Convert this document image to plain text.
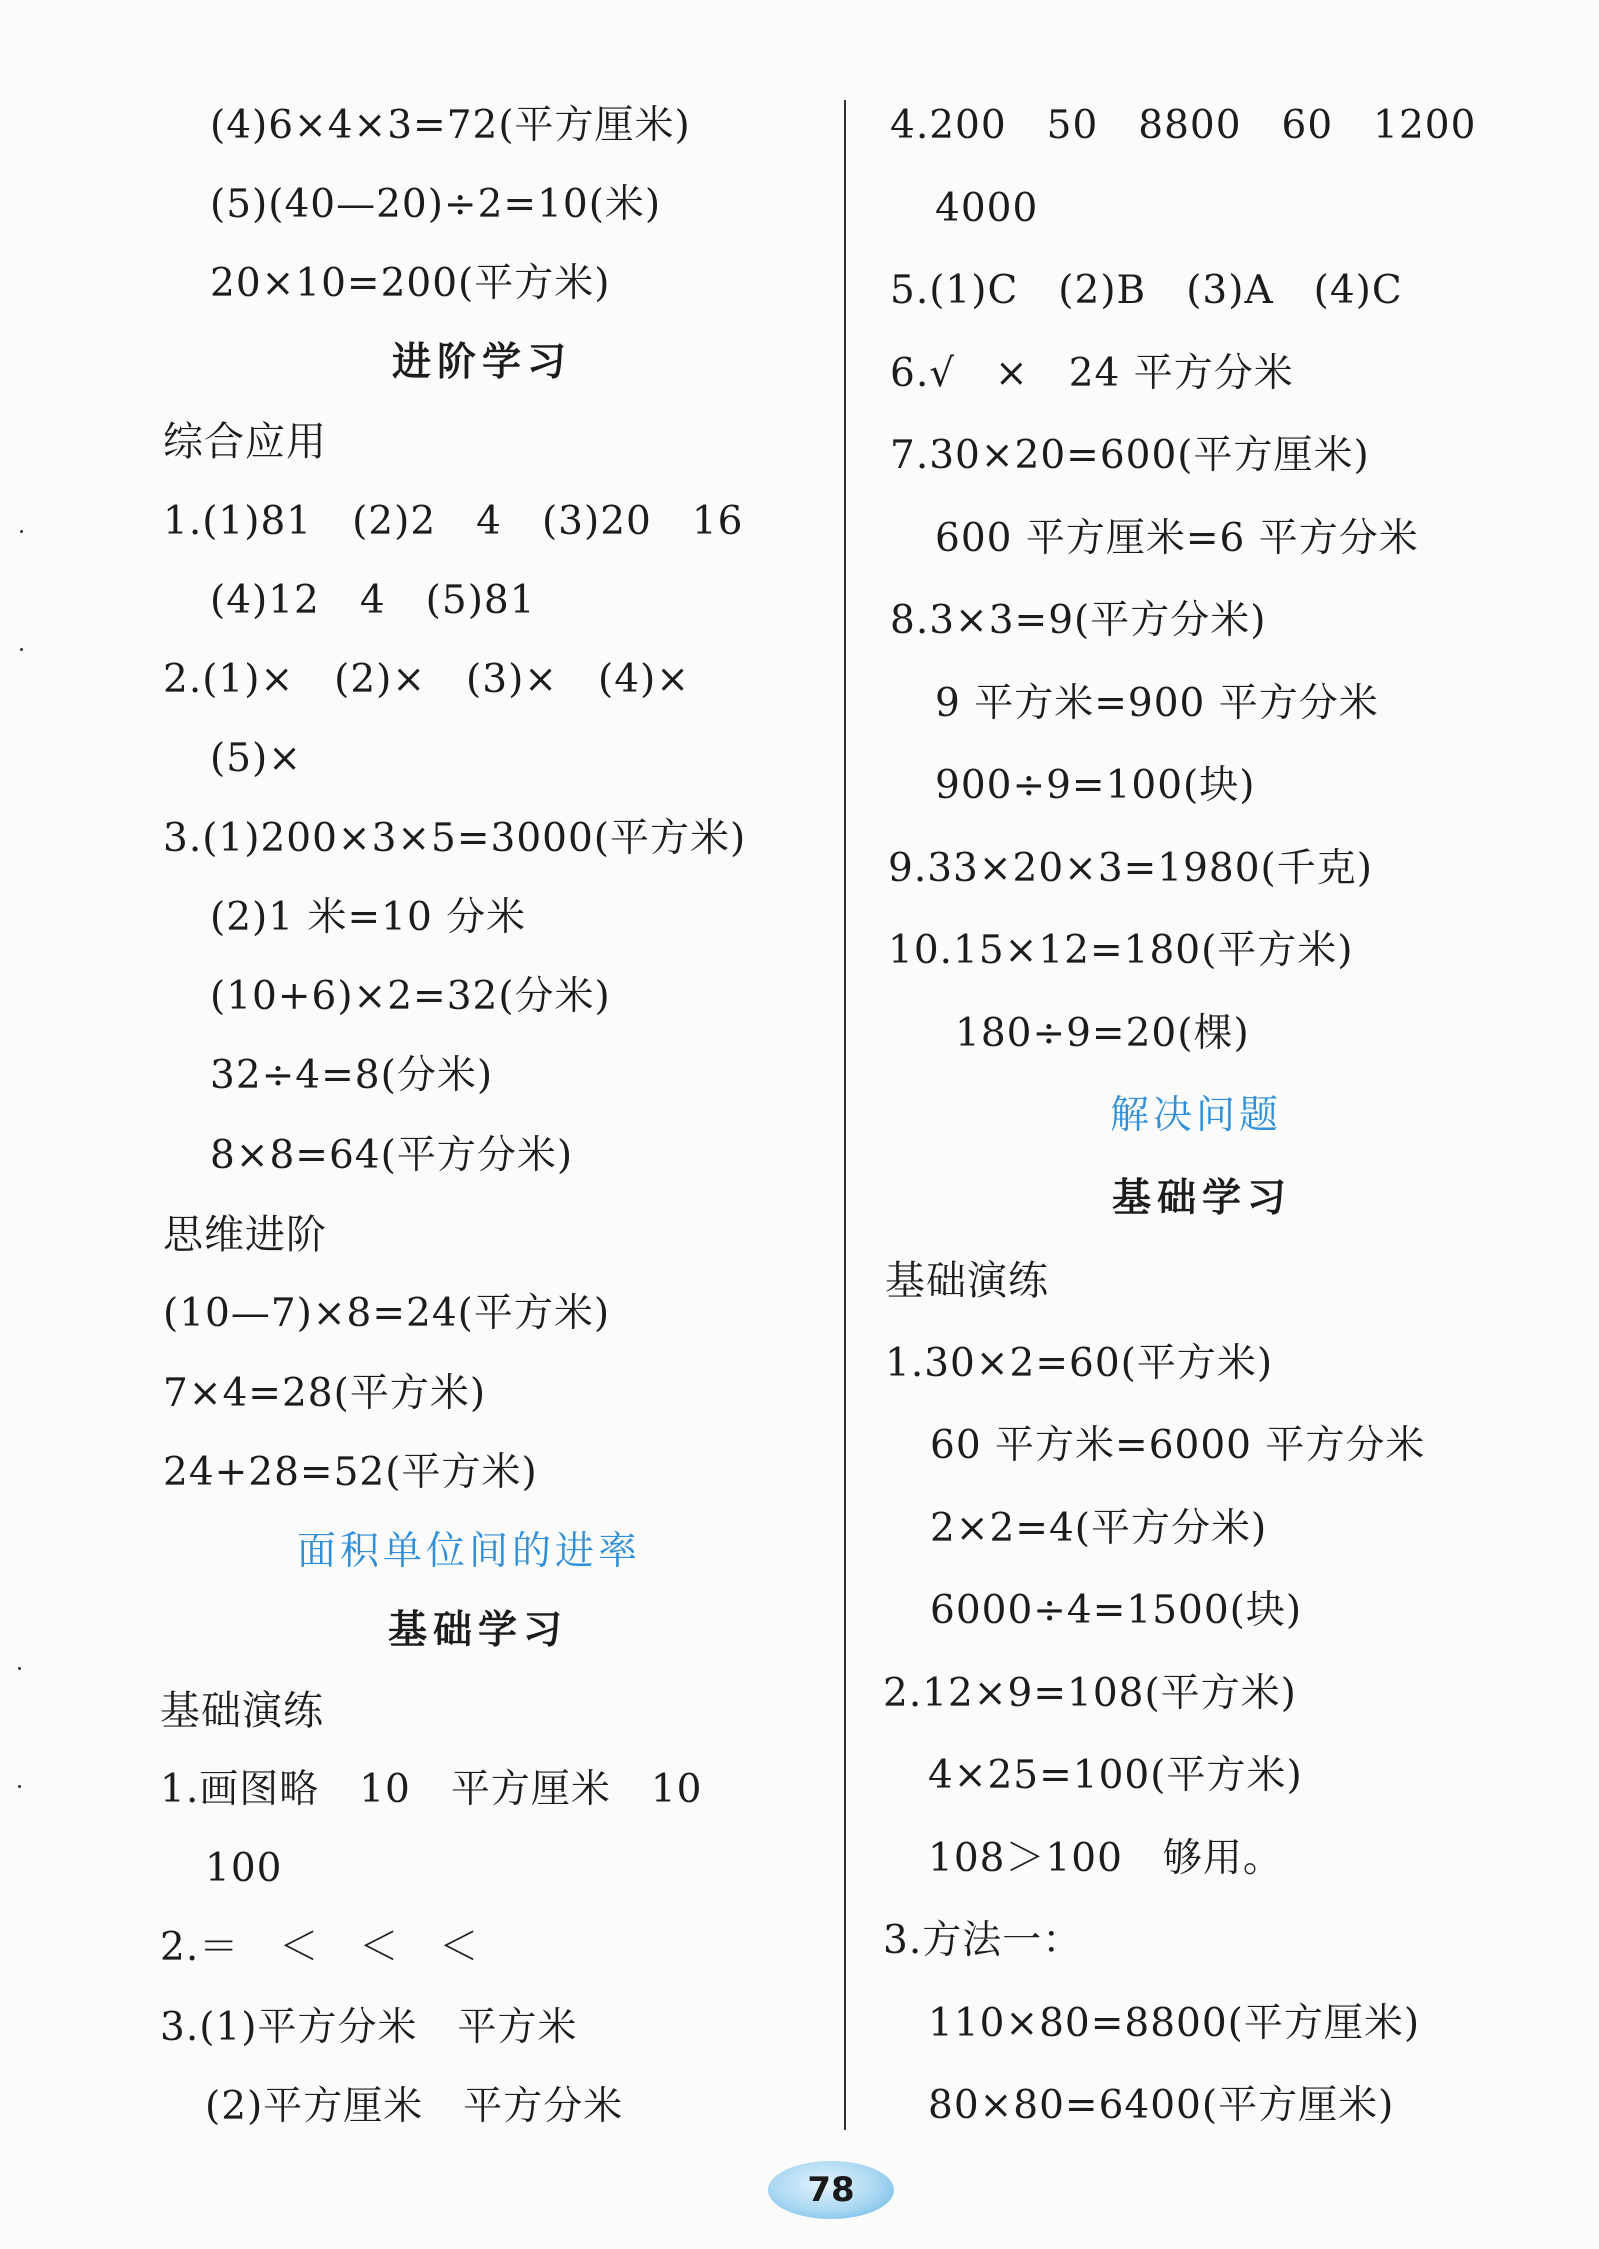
(4)6×4×3=72(平方厘米)
(5)(40—20)÷2=10(米)
20×10=200(平方米)
进阶学习
综合应用
1.(1)81　(2)2　4　(3)20　16
(4)12　4　(5)81
2.(1)×　(2)×　(3)×　(4)×
(5)×
3.(1)200×3×5=3000(平方米)
(2)1 米=10 分米
(10+6)×2=32(分米)
32÷4=8(分米)
8×8=64(平方分米)
思维进阶
(10—7)×8=24(平方米)
7×4=28(平方米)
24+28=52(平方米)
面积单位间的进率
基础学习
基础演练
1.画图略　10　平方厘米　10
100
2.＝　＜　＜　＜
3.(1)平方分米　平方米
(2)平方厘米　平方分米
4.200　50　8800　60　1200
4000
5.(1)C　(2)B　(3)A　(4)C
6.√　×　24 平方分米
7.30×20=600(平方厘米)
600 平方厘米=6 平方分米
8.3×3=9(平方分米)
9 平方米=900 平方分米
900÷9=100(块)
9.33×20×3=1980(千克)
10.15×12=180(平方米)
180÷9=20(棵)
解决问题
基础学习
基础演练
1.30×2=60(平方米)
60 平方米=6000 平方分米
2×2=4(平方分米)
6000÷4=1500(块)
2.12×9=108(平方米)
4×25=100(平方米)
108＞100　够用。
3.方法一：
110×80=8800(平方厘米)
80×80=6400(平方厘米)
78
